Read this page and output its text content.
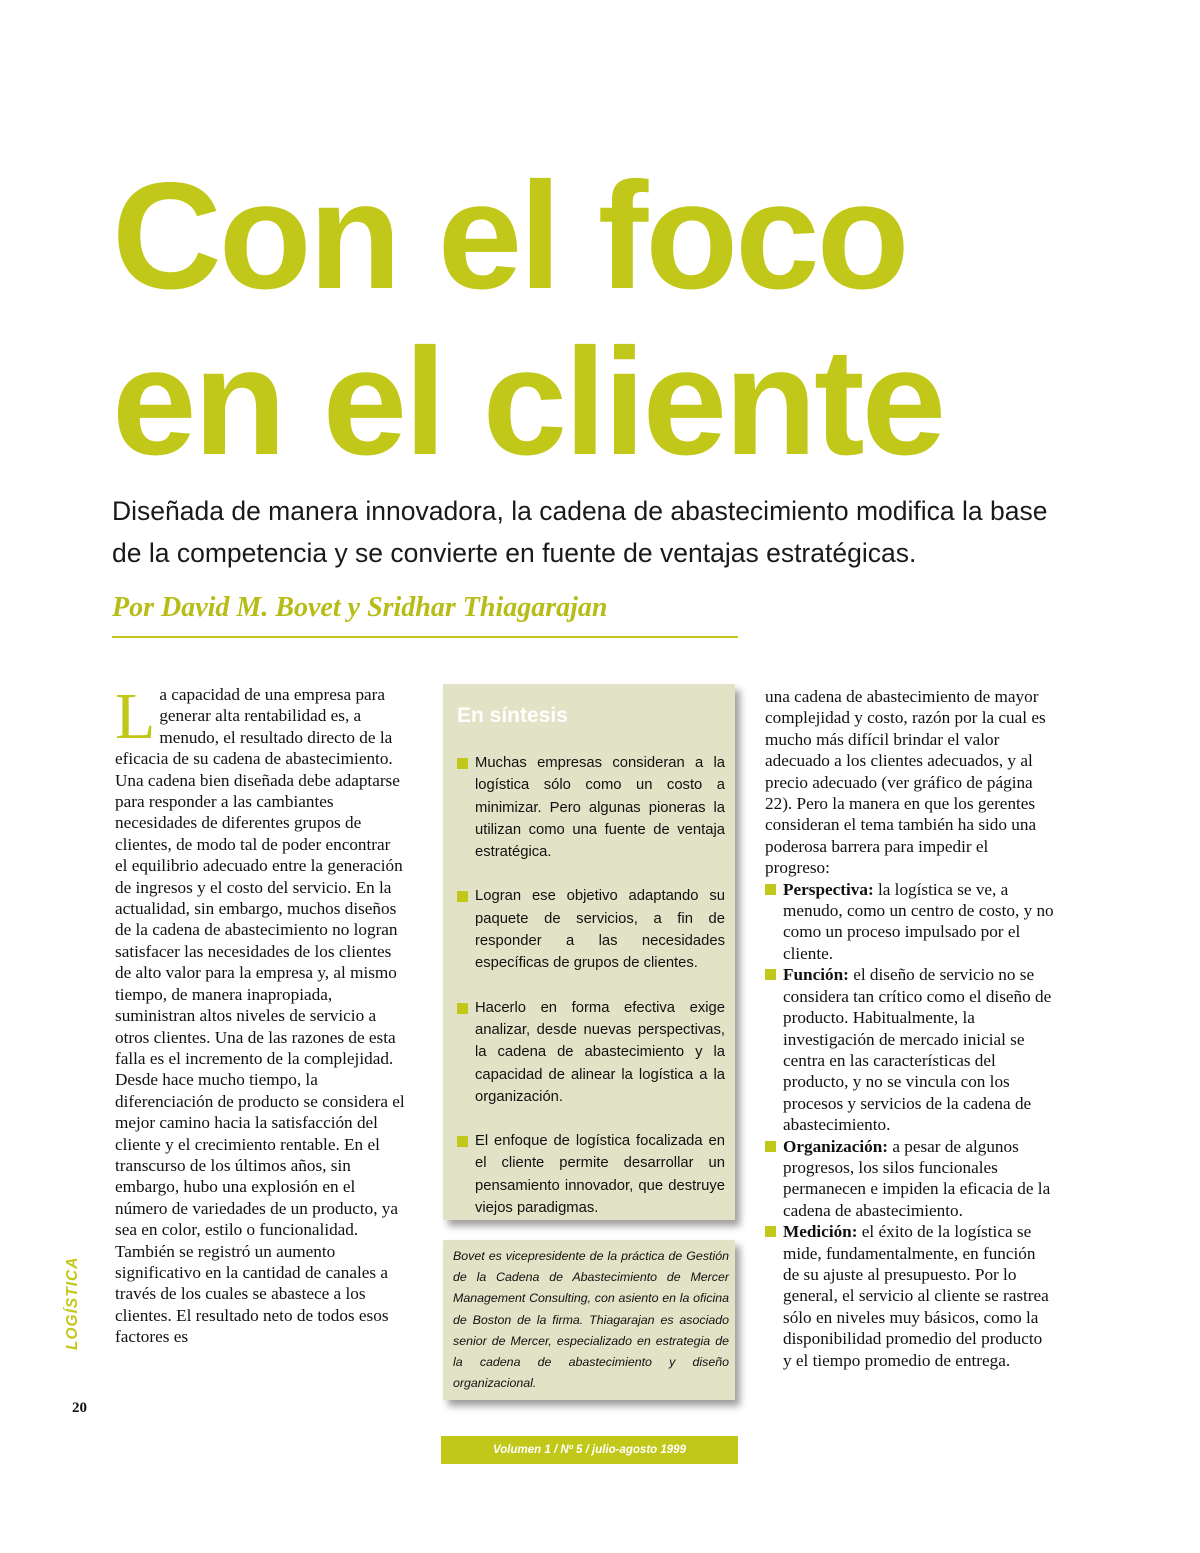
Con el foco
en el cliente

Diseñada de manera innovadora, la cadena de abastecimiento modifica la base de la competencia y se convierte en fuente de ventajas estratégicas.

Por David M. Bovet y Sridhar Thiagarajan

La capacidad de una empresa para generar alta rentabilidad es, a menudo, el resultado directo de la eficacia de su cadena de abastecimiento. Una cadena bien diseñada debe adaptarse para responder a las cambiantes necesidades de diferentes grupos de clientes, de modo tal de poder encontrar el equilibrio adecuado entre la generación de ingresos y el costo del servicio. En la actualidad, sin embargo, muchos diseños de la cadena de abastecimiento no logran satisfacer las necesidades de los clientes de alto valor para la empresa y, al mismo tiempo, de manera inapropiada, suministran altos niveles de servicio a otros clientes. Una de las razones de esta falla es el incremento de la complejidad. Desde hace mucho tiempo, la diferenciación de producto se considera el mejor camino hacia la satisfacción del cliente y el crecimiento rentable. En el transcurso de los últimos años, sin embargo, hubo una explosión en el número de variedades de un producto, ya sea en color, estilo o funcionalidad. También se registró un aumento significativo en la cantidad de canales a través de los cuales se abastece a los clientes. El resultado neto de todos esos factores es

En síntesis
Muchas empresas consideran a la logística sólo como un costo a minimizar. Pero algunas pioneras la utilizan como una fuente de ventaja estratégica.
Logran ese objetivo adaptando su paquete de servicios, a fin de responder a las necesidades específicas de grupos de clientes.
Hacerlo en forma efectiva exige analizar, desde nuevas perspectivas, la cadena de abastecimiento y la capacidad de alinear la logística a la organización.
El enfoque de logística focalizada en el cliente permite desarrollar un pensamiento innovador, que destruye viejos paradigmas.

Bovet es vicepresidente de la práctica de Gestión de la Cadena de Abastecimiento de Mercer Management Consulting, con asiento en la oficina de Boston de la firma. Thiagarajan es asociado senior de Mercer, especializado en estrategia de la cadena de abastecimiento y diseño organizacional.

una cadena de abastecimiento de mayor complejidad y costo, razón por la cual es mucho más difícil brindar el valor adecuado a los clientes adecuados, y al precio adecuado (ver gráfico de página 22). Pero la manera en que los gerentes consideran el tema también ha sido una poderosa barrera para impedir el progreso:
Perspectiva: la logística se ve, a menudo, como un centro de costo, y no como un proceso impulsado por el cliente.
Función: el diseño de servicio no se considera tan crítico como el diseño de producto. Habitualmente, la investigación de mercado inicial se centra en las características del producto, y no se vincula con los procesos y servicios de la cadena de abastecimiento.
Organización: a pesar de algunos progresos, los silos funcionales permanecen e impiden la eficacia de la cadena de abastecimiento.
Medición: el éxito de la logística se mide, fundamentalmente, en función de su ajuste al presupuesto. Por lo general, el servicio al cliente se rastrea sólo en niveles muy básicos, como la disponibilidad promedio del producto y el tiempo promedio de entrega.
Volumen 1 / Nº 5 / julio-agosto 1999

LOGÍSTICA

20
